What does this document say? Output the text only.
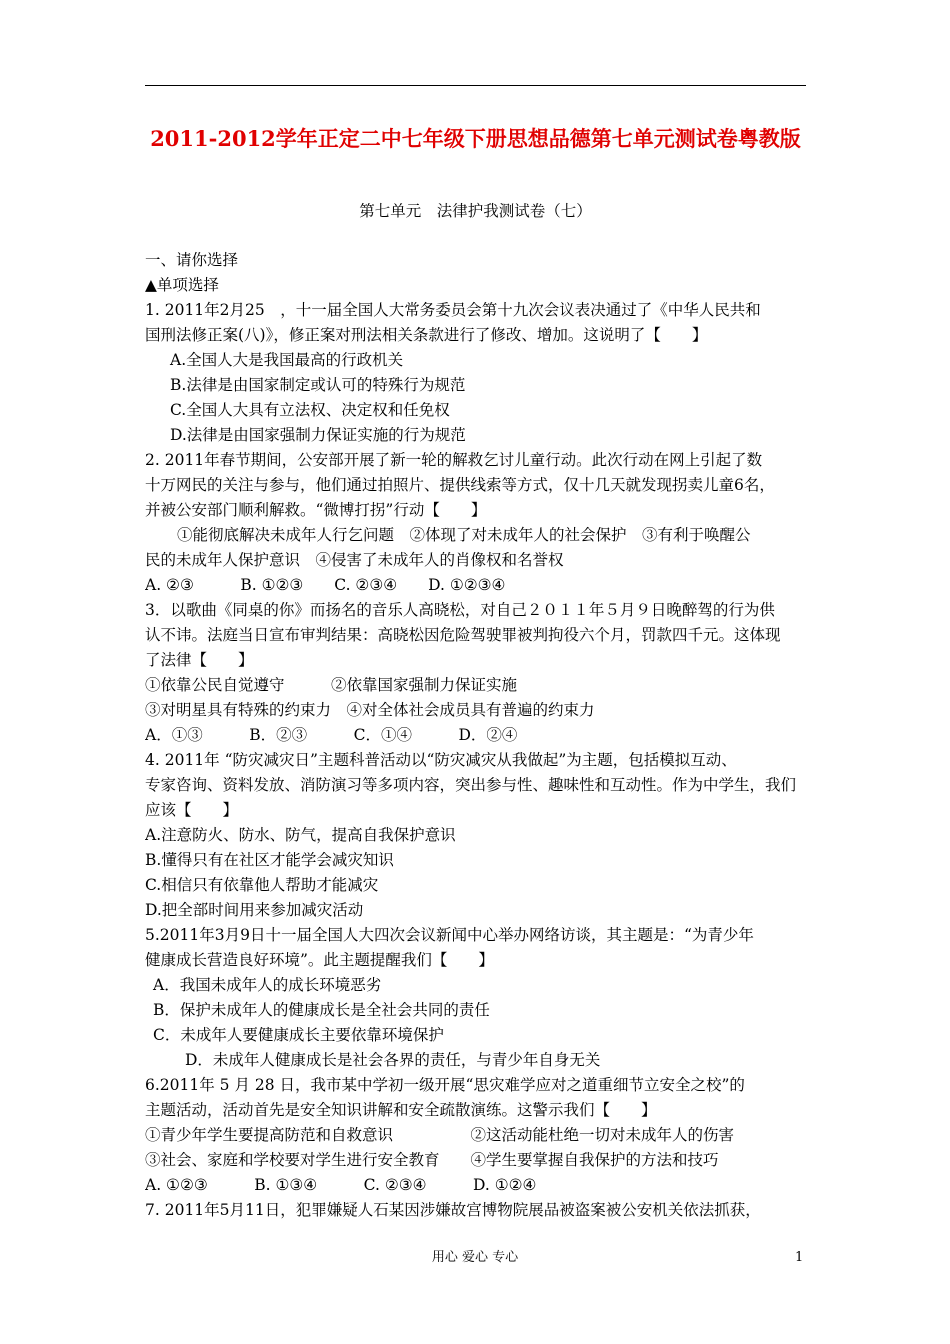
2011-2012学年正定二中七年级下册思想品德第七单元测试卷粤教版
第七单元　法律护我测试卷（七）
一、请你选择
▲单项选择
1. 2011年2月25　，十一届全国人大常务委员会第十九次会议表决通过了《中华人民共和
国刑法修正案(八)》，修正案对刑法相关条款进行了修改、增加。这说明了【　　】
A.全国人大是我国最高的行政机关
B.法律是由国家制定或认可的特殊行为规范
C.全国人大具有立法权、决定权和任免权
D.法律是由国家强制力保证实施的行为规范
2. 2011年春节期间，公安部开展了新一轮的解救乞讨儿童行动。此次行动在网上引起了数
十万网民的关注与参与，他们通过拍照片、提供线索等方式，仅十几天就发现拐卖儿童6名，
并被公安部门顺利解救。“微博打拐”行动【　　】
①能彻底解决未成年人行乞问题　②体现了对未成年人的社会保护　③有利于唤醒公
民的未成年人保护意识　④侵害了未成年人的肖像权和名誉权
A. ②③　　　B. ①②③　　C. ②③④　　D. ①②③④
3．以歌曲《同桌的你》而扬名的音乐人高晓松，对自己２０１１年５月９日晚醉驾的行为供
认不讳。法庭当日宣布审判结果：高晓松因危险驾驶罪被判拘役六个月，罚款四千元。这体现
了法律【　　】
①依靠公民自觉遵守　　　②依靠国家强制力保证实施
③对明星具有特殊的约束力　④对全体社会成员具有普遍的约束力
A．①③　　　B．②③　　　C．①④　　　D．②④
4. 2011年 “防灾减灾日”主题科普活动以“防灾减灾从我做起”为主题，包括模拟互动、
专家咨询、资料发放、消防演习等多项内容，突出参与性、趣味性和互动性。作为中学生，我们
应该【　　】
A.注意防火、防水、防气，提高自我保护意识
B.懂得只有在社区才能学会减灾知识
C.相信只有依靠他人帮助才能减灾
D.把全部时间用来参加减灾活动
5.2011年3月9日十一届全国人大四次会议新闻中心举办网络访谈，其主题是：“为青少年
健康成长营造良好环境”。此主题提醒我们【　　】
A．我国未成年人的成长环境恶劣
B．保护未成年人的健康成长是全社会共同的责任
C．未成年人要健康成长主要依靠环境保护
D．未成年人健康成长是社会各界的责任，与青少年自身无关
6.2011年 5 月 28 日，我市某中学初一级开展“思灾难学应对之道重细节立安全之校”的
主题活动，活动首先是安全知识讲解和安全疏散演练。这警示我们【　　】
①青少年学生要提高防范和自救意识　　　　　②这活动能杜绝一切对未成年人的伤害
③社会、家庭和学校要对学生进行安全教育　　④学生要掌握自我保护的方法和技巧
A. ①②③　　　B. ①③④　　　C. ②③④　　　D. ①②④
7. 2011年5月11日，犯罪嫌疑人石某因涉嫌故宫博物院展品被盗案被公安机关依法抓获，
用心 爱心 专心	1
